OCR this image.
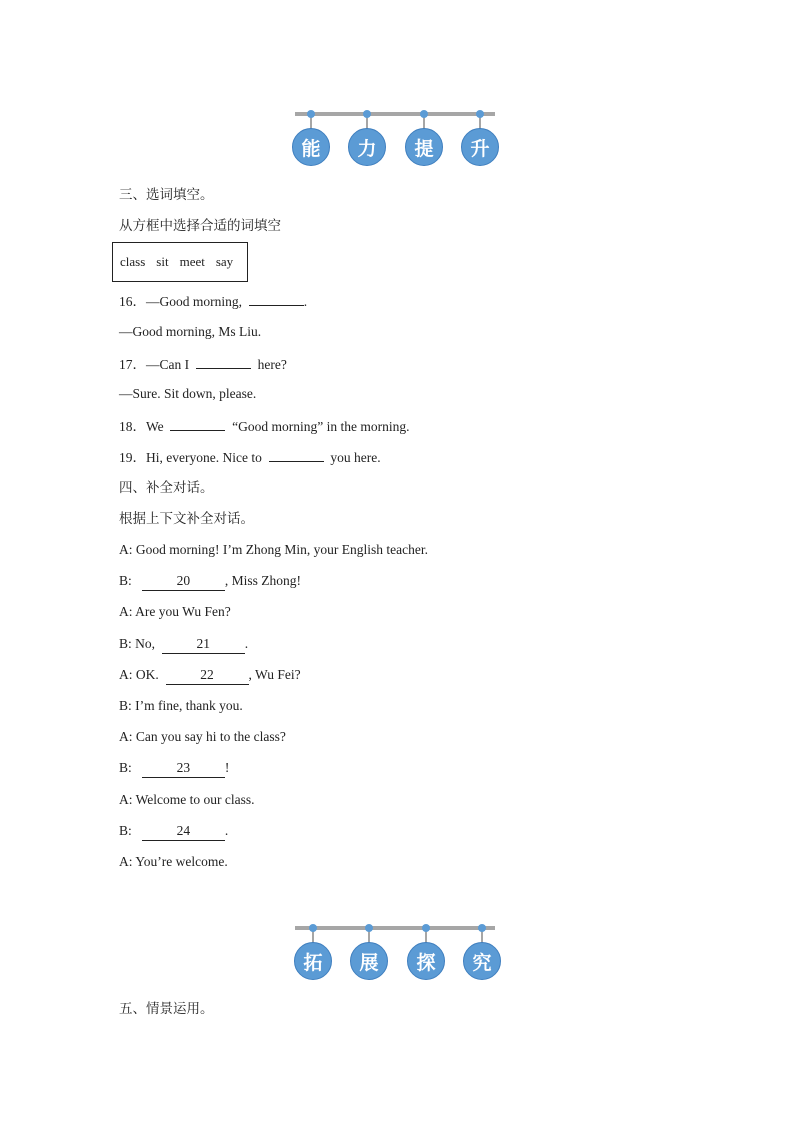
能	力	提	升
三、选词填空。
从方框中选择合适的词填空
class sit meet say
16．—Good morning,	.
—Good morning, Ms Liu.
17．—Can I	here?
—Sure. Sit down, please.
18．We	“Good morning” in the morning.
19．Hi, everyone. Nice to	you here.
四、补全对话。
根据上下文补全对话。
A: Good morning! I’m Zhong Min, your English teacher.
B:	20	, Miss Zhong!
A: Are you Wu Fen?
B: No,	21	.
A: OK.	22	, Wu Fei?
B: I’m fine, thank you.
A: Can you say hi to the class?
B:	23	!
A: Welcome to our class.
B:	24	.
A: You’re welcome.
拓	展	探	究
五、情景运用。
